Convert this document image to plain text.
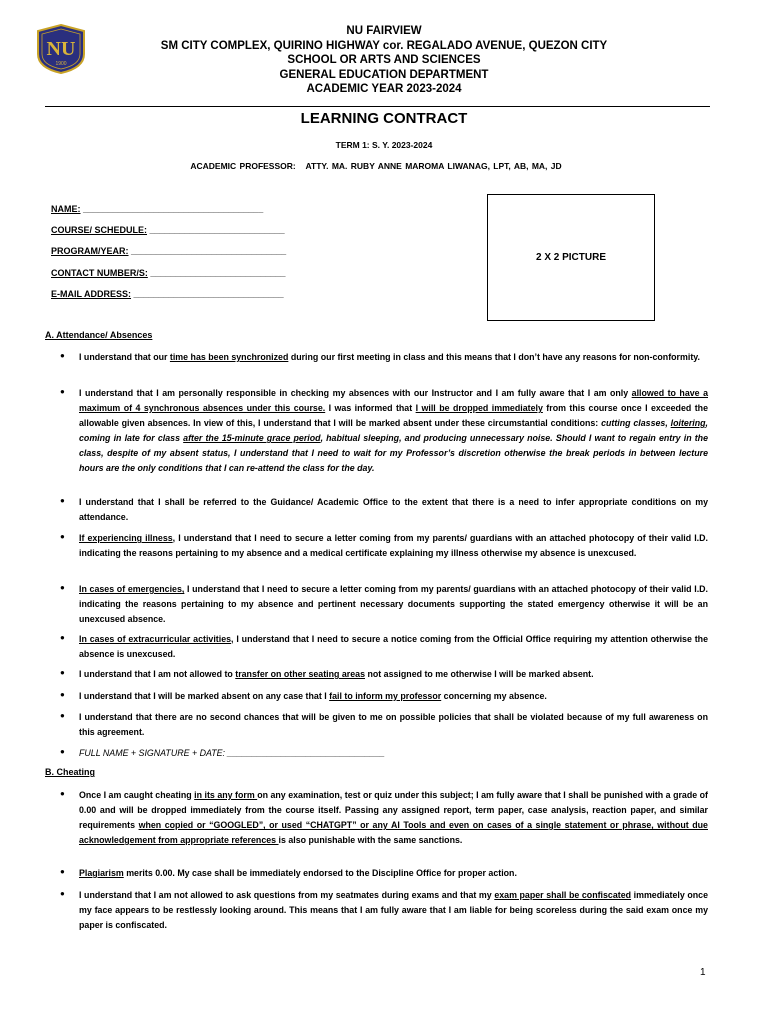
NU
1900
NU FAIRVIEW
SM CITY COMPLEX, QUIRINO HIGHWAY cor. REGALADO AVENUE, QUEZON CITY
SCHOOL OR ARTS AND SCIENCES
GENERAL EDUCATION DEPARTMENT
ACADEMIC YEAR 2023-2024
LEARNING CONTRACT
TERM 1: S. Y. 2023-2024
ACADEMIC PROFESSOR:   ATTY. MA. RUBY ANNE MAROMA LIWANAG, LPT, AB, MA, JD
NAME: ____________________________________
COURSE/ SCHEDULE: ___________________________
PROGRAM/YEAR: _______________________________
CONTACT NUMBER/S: ___________________________
E-MAIL ADDRESS: ______________________________
2 X 2 PICTURE
A. Attendance/ Absences
B. Cheating
● I understand that our time has been synchronized during our first meeting in class and this means that I don’t have any reasons for non-conformity.
● I understand that I am personally responsible in checking my absences with our Instructor and I am fully aware that I am only allowed to have a maximum of 4 synchronous absences under this course. I was informed that I will be dropped immediately from this course once I exceeded the allowable given absences. In view of this, I understand that I will be marked absent under these circumstantial conditions: cutting classes, loitering, coming in late for class after the 15-minute grace period, habitual sleeping, and producing unnecessary noise. Should I want to regain entry in the class, despite of my absent status, I understand that I need to wait for my Professor’s discretion otherwise the break periods in between lecture hours are the only conditions that I can re-attend the class for the day.
● I understand that I shall be referred to the Guidance/ Academic Office to the extent that there is a need to infer appropriate conditions on my attendance.
● If experiencing illness, I understand that I need to secure a letter coming from my parents/ guardians with an attached photocopy of their valid I.D. indicating the reasons pertaining to my absence and a medical certificate explaining my illness otherwise my absence is unexcused.
● In cases of emergencies, I understand that I need to secure a letter coming from my parents/ guardians with an attached photocopy of their valid I.D. indicating the reasons pertaining to my absence and pertinent necessary documents supporting the stated emergency otherwise it will be an unexcused absence.
● In cases of extracurricular activities, I understand that I need to secure a notice coming from the Official Office requiring my attention otherwise the absence is unexcused.
● I understand that I am not allowed to transfer on other seating areas not assigned to me otherwise I will be marked absent.
● I understand that I will be marked absent on any case that I fail to inform my professor concerning my absence.
● I understand that there are no second chances that will be given to me on possible policies that shall be violated because of my full awareness on this agreement.
● FULL NAME + SIGNATURE + DATE: ________________________________
● Once I am caught cheating in its any form on any examination, test or quiz under this subject; I am fully aware that I shall be punished with a grade of 0.00 and will be dropped immediately from the course itself. Passing any assigned report, term paper, case analysis, reaction paper, and similar requirements when copied or “GOOGLED”, or used “CHATGPT” or any AI Tools and even on cases of a single statement or phrase, without due acknowledgement from appropriate references is also punishable with the same sanctions.
● Plagiarism merits 0.00. My case shall be immediately endorsed to the Discipline Office for proper action.
● I understand that I am not allowed to ask questions from my seatmates during exams and that my exam paper shall be confiscated immediately once my face appears to be restlessly looking around. This means that I am fully aware that I am liable for being scoreless during the said exam once my paper is confiscated.
1
